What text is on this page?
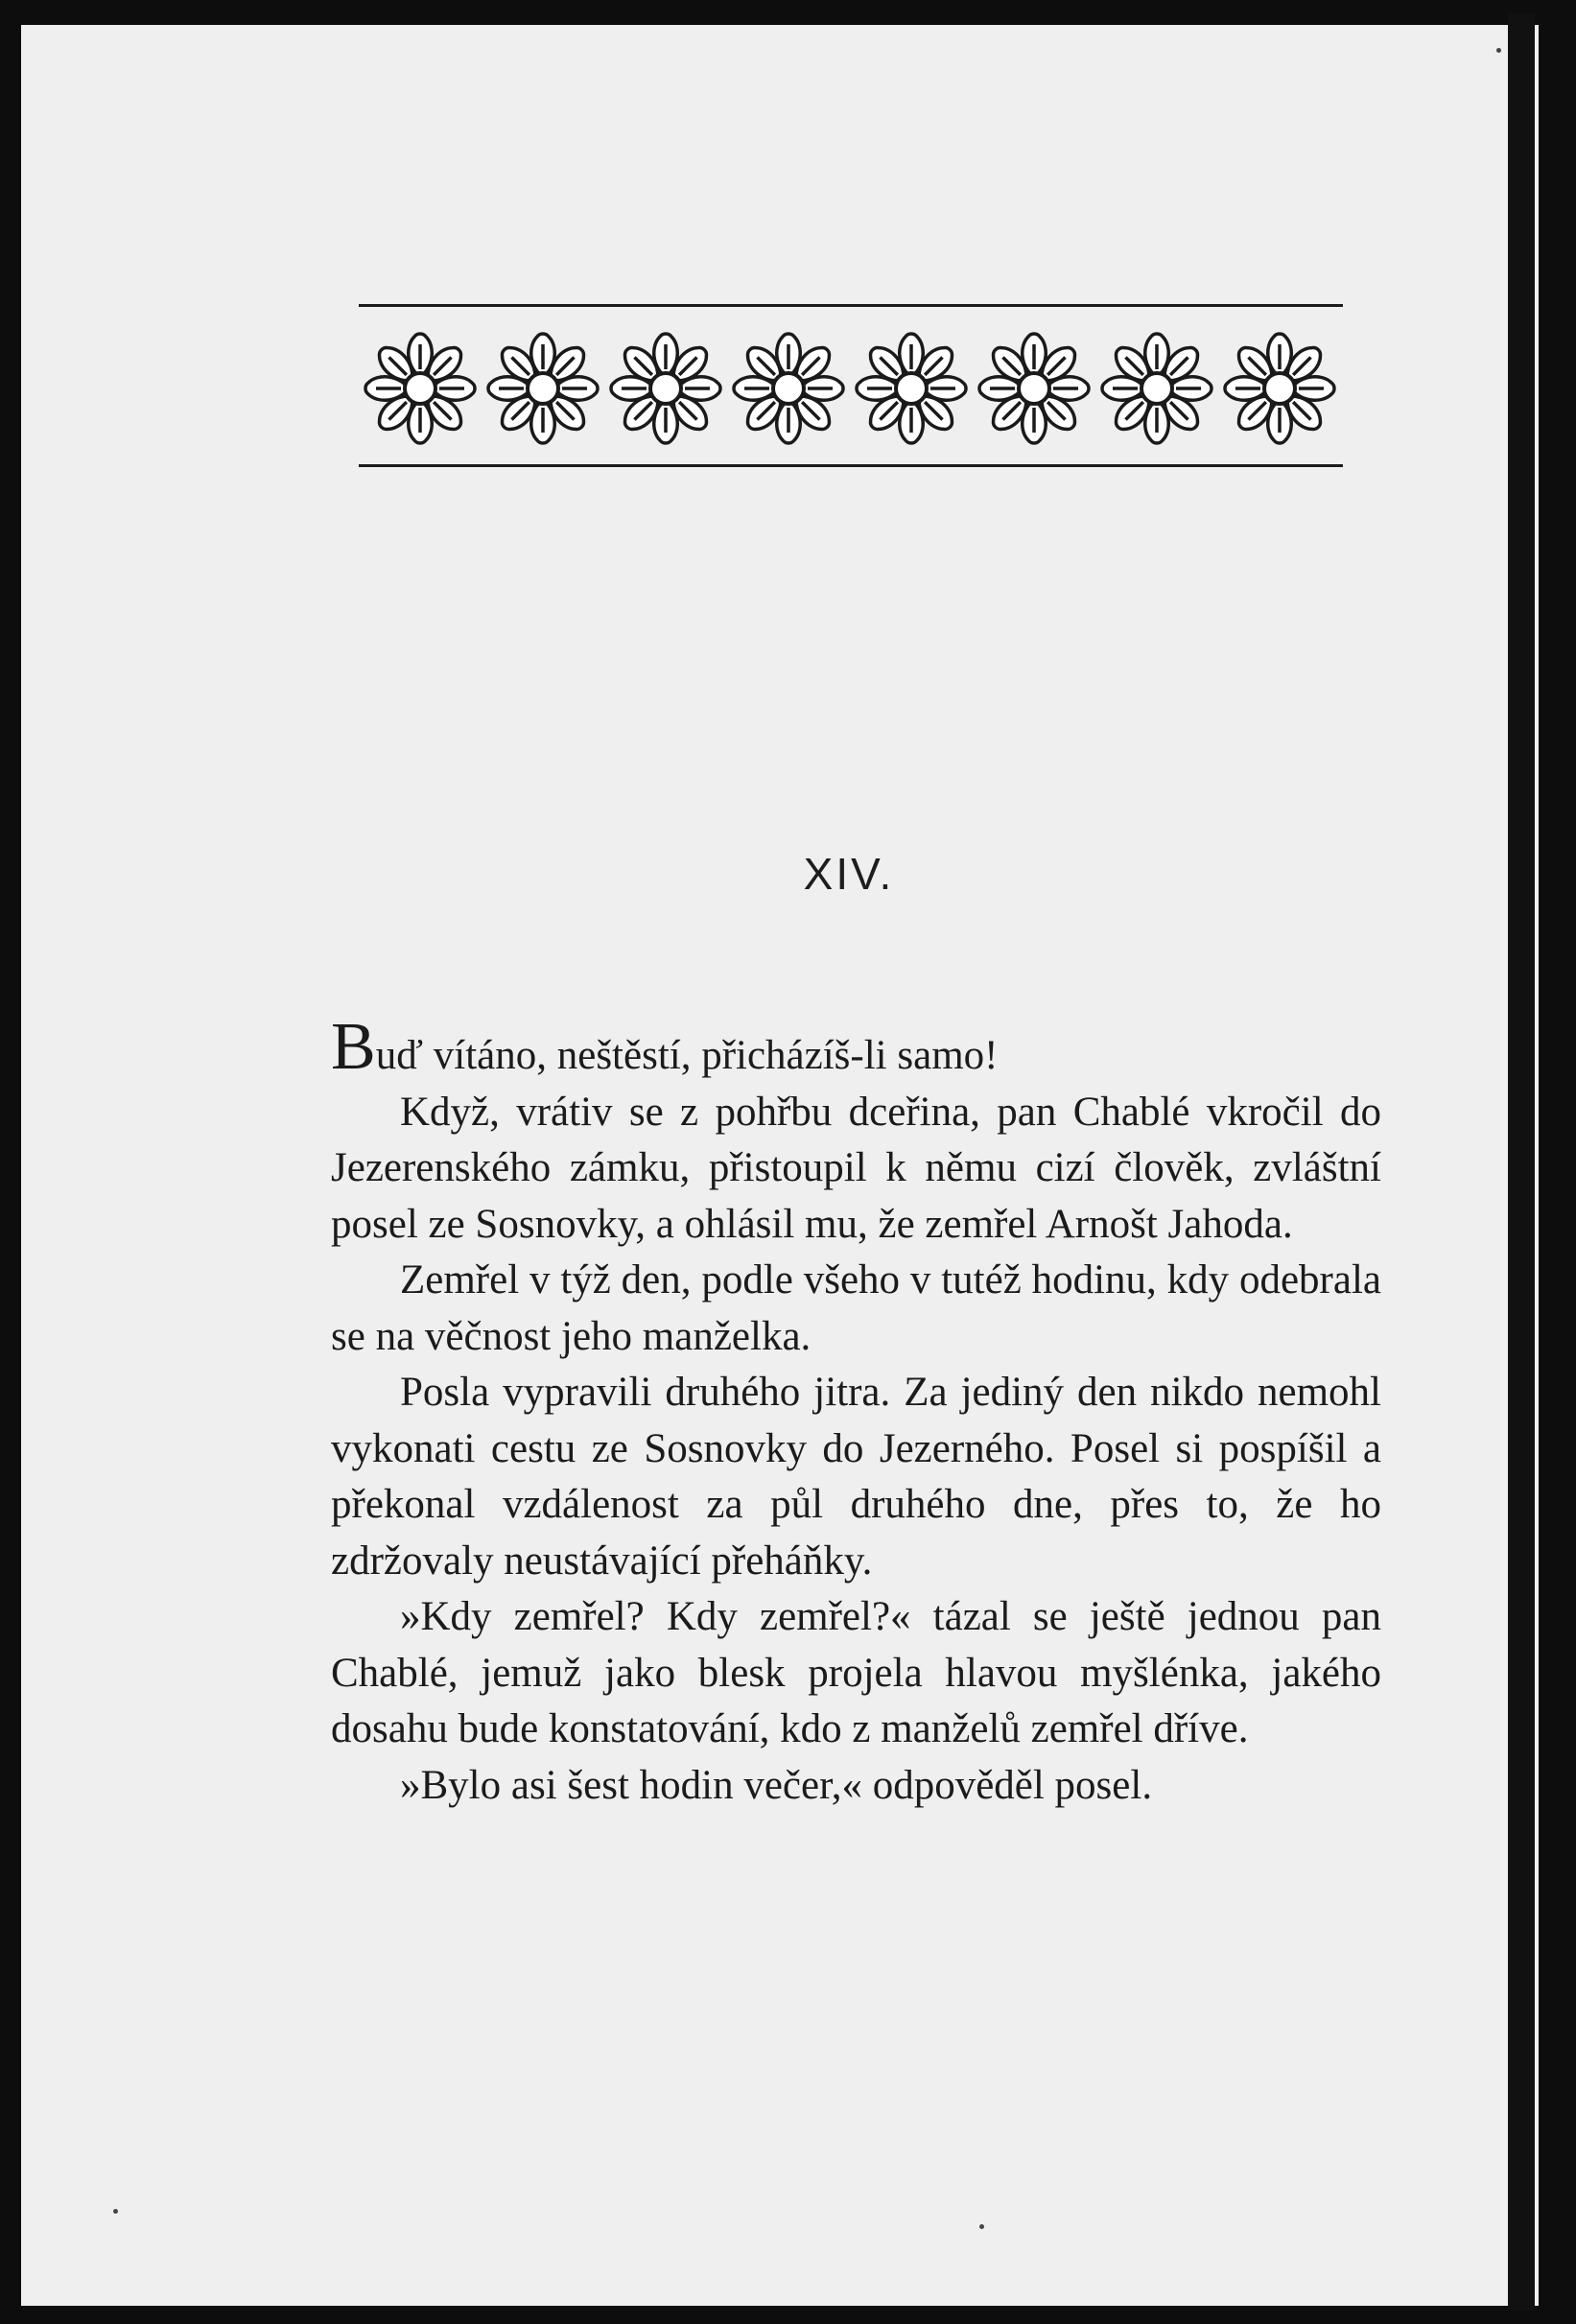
XIV.

Buď vítáno, neštěstí, přicházíš-li samo!

Když, vrátiv se z pohřbu dceřina, pan Chablé vkročil do Jezerenského zámku, přistoupil k němu cizí člověk, zvláštní posel ze Sosnovky, a ohlásil mu, že zemřel Arnošt Jahoda.

Zemřel v týž den, podle všeho v tutéž hodinu, kdy odebrala se na věčnost jeho manželka.

Posla vypravili druhého jitra. Za jediný den nikdo nemohl vykonati cestu ze Sosnovky do Jezerného. Posel si pospíšil a překonal vzdálenost za půl druhého dne, přes to, že ho zdržovaly neustávající přeháňky.

»Kdy zemřel? Kdy zemřel?« tázal se ještě jednou pan Chablé, jemuž jako blesk projela hlavou myšlénka, jakého dosahu bude konstatování, kdo z manželů zemřel dříve.

»Bylo asi šest hodin večer,« odpověděl posel.
